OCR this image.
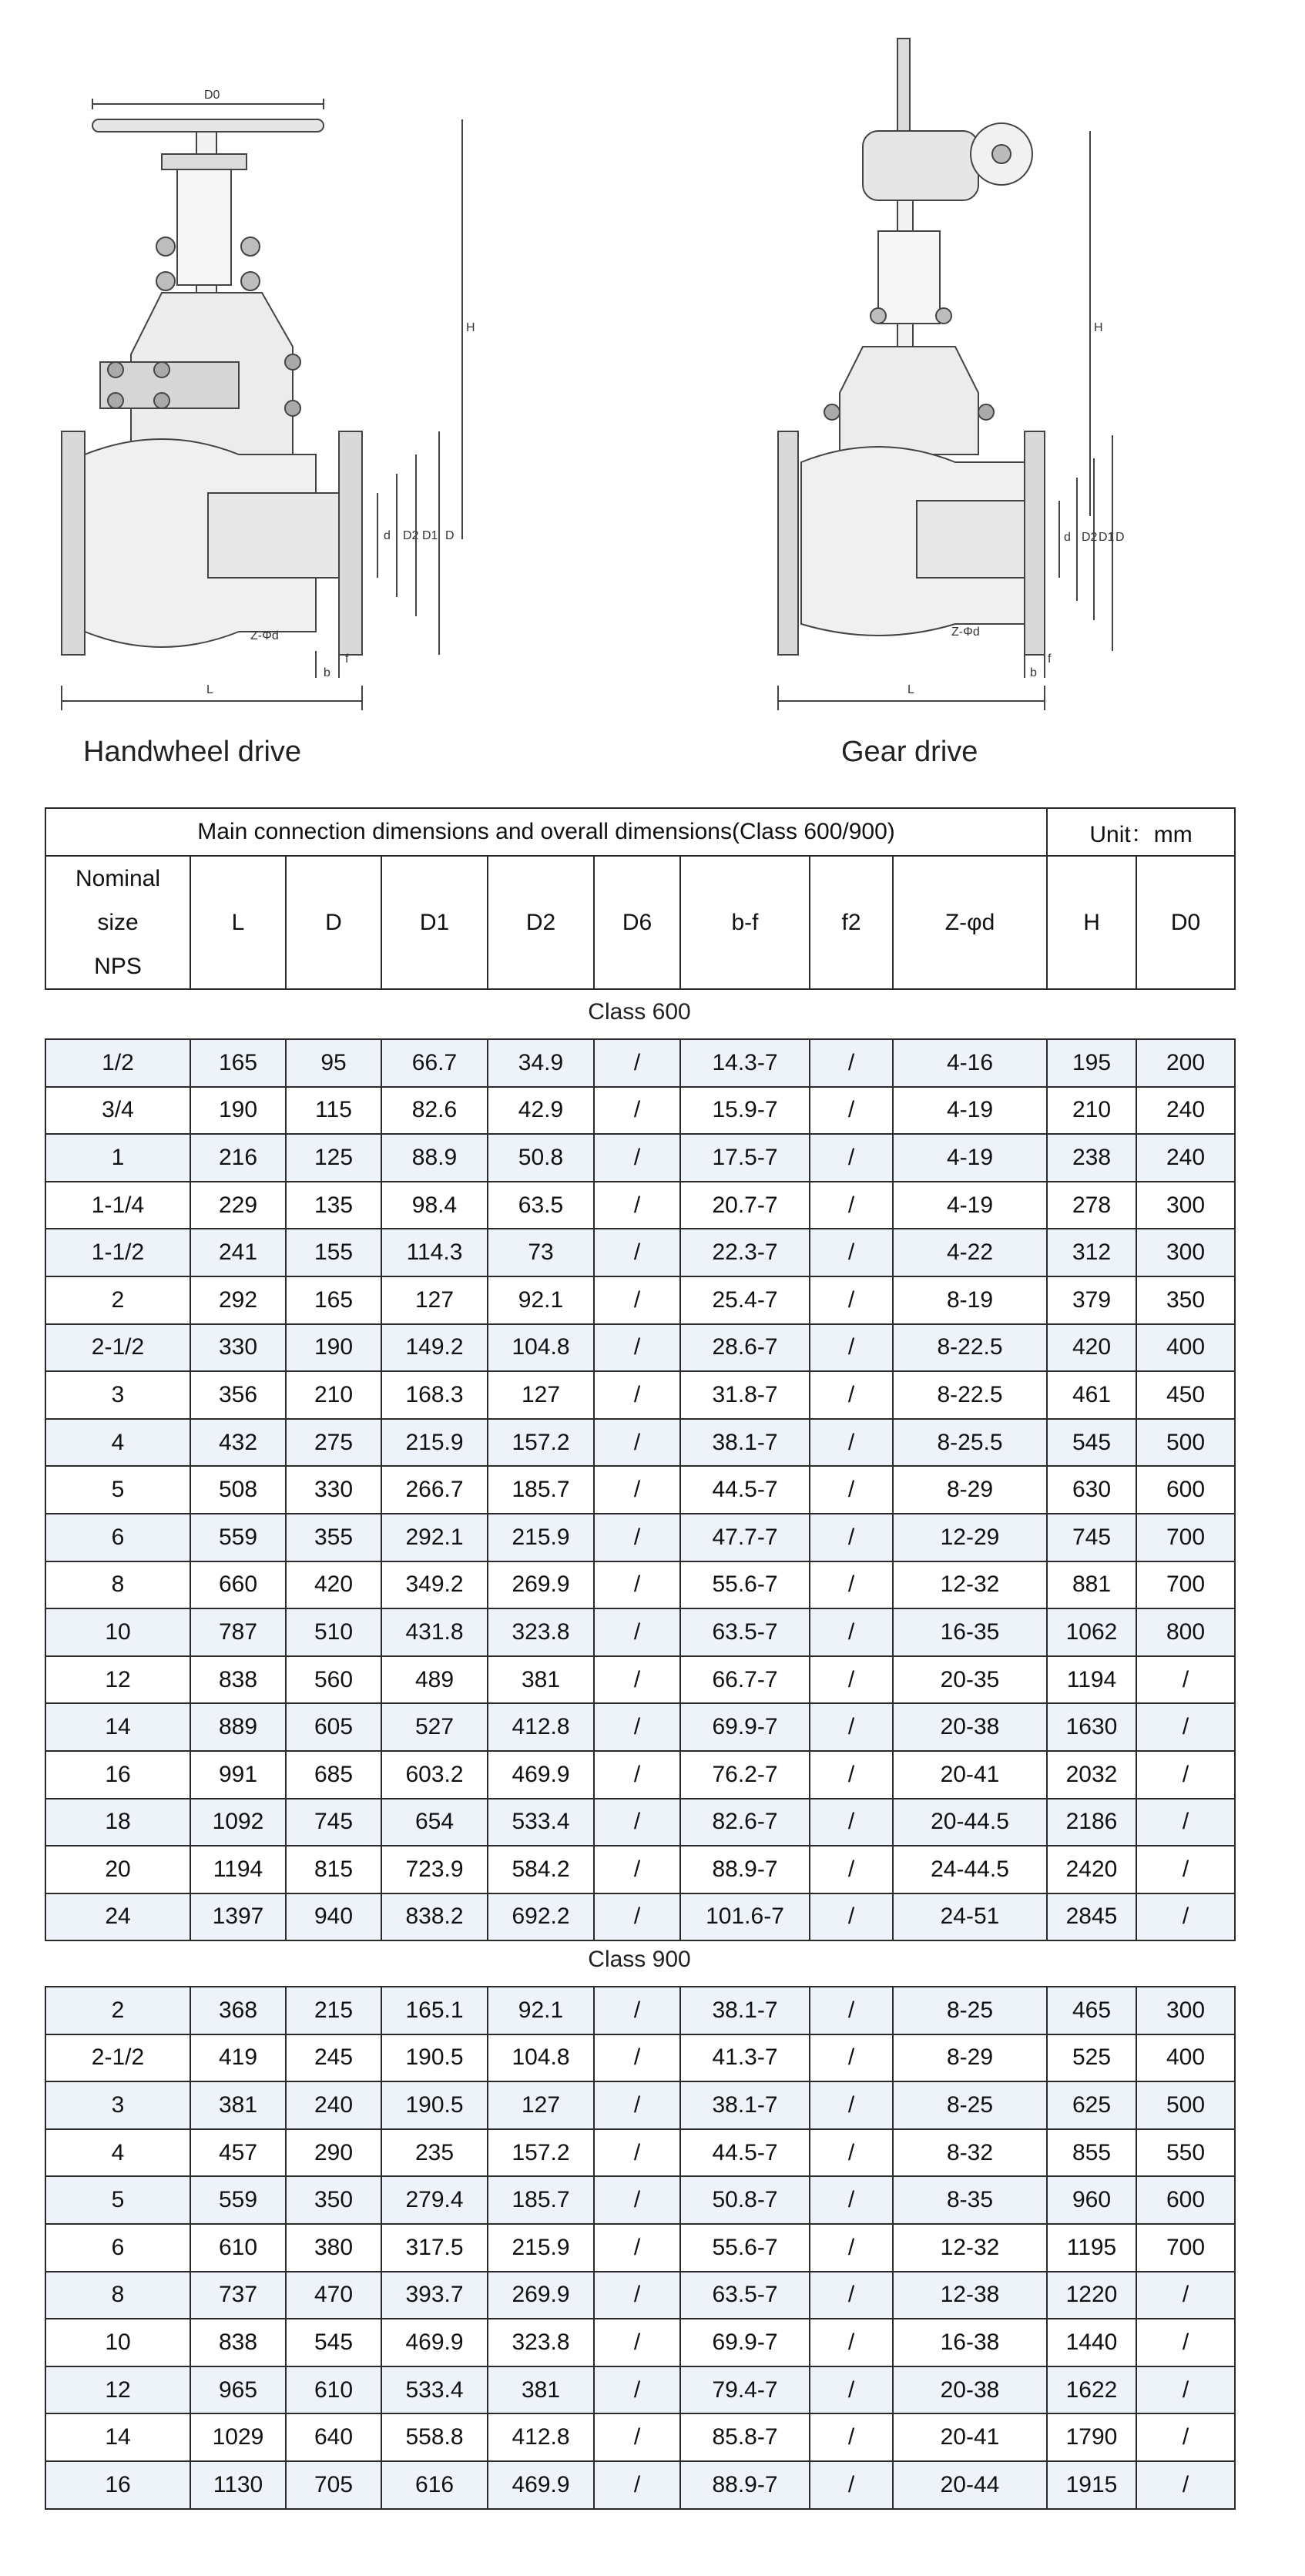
D0
d D2 D1 D
H
Z-Φd
b
f
L
Handwheel drive
d D2 D1 D
H
Z-Φd
b
f
L
Gear drive
Main connection dimensions and overall dimensions(Class 600/900)									Unit：mm	
Nominal
size
NPS	L	D	D1	D2	D6	b-f	f2	Z-φd	H	D0
Class 600
1/2	165	95	66.7	34.9	/	14.3-7	/	4-16	195	200
3/4	190	115	82.6	42.9	/	15.9-7	/	4-19	210	240
1	216	125	88.9	50.8	/	17.5-7	/	4-19	238	240
1-1/4	229	135	98.4	63.5	/	20.7-7	/	4-19	278	300
1-1/2	241	155	114.3	73	/	22.3-7	/	4-22	312	300
2	292	165	127	92.1	/	25.4-7	/	8-19	379	350
2-1/2	330	190	149.2	104.8	/	28.6-7	/	8-22.5	420	400
3	356	210	168.3	127	/	31.8-7	/	8-22.5	461	450
4	432	275	215.9	157.2	/	38.1-7	/	8-25.5	545	500
5	508	330	266.7	185.7	/	44.5-7	/	8-29	630	600
6	559	355	292.1	215.9	/	47.7-7	/	12-29	745	700
8	660	420	349.2	269.9	/	55.6-7	/	12-32	881	700
10	787	510	431.8	323.8	/	63.5-7	/	16-35	1062	800
12	838	560	489	381	/	66.7-7	/	20-35	1194	/
14	889	605	527	412.8	/	69.9-7	/	20-38	1630	/
16	991	685	603.2	469.9	/	76.2-7	/	20-41	2032	/
18	1092	745	654	533.4	/	82.6-7	/	20-44.5	2186	/
20	1194	815	723.9	584.2	/	88.9-7	/	24-44.5	2420	/
24	1397	940	838.2	692.2	/	101.6-7	/	24-51	2845	/
Class 900
2	368	215	165.1	92.1	/	38.1-7	/	8-25	465	300
2-1/2	419	245	190.5	104.8	/	41.3-7	/	8-29	525	400
3	381	240	190.5	127	/	38.1-7	/	8-25	625	500
4	457	290	235	157.2	/	44.5-7	/	8-32	855	550
5	559	350	279.4	185.7	/	50.8-7	/	8-35	960	600
6	610	380	317.5	215.9	/	55.6-7	/	12-32	1195	700
8	737	470	393.7	269.9	/	63.5-7	/	12-38	1220	/
10	838	545	469.9	323.8	/	69.9-7	/	16-38	1440	/
12	965	610	533.4	381	/	79.4-7	/	20-38	1622	/
14	1029	640	558.8	412.8	/	85.8-7	/	20-41	1790	/
16	1130	705	616	469.9	/	88.9-7	/	20-44	1915	/
